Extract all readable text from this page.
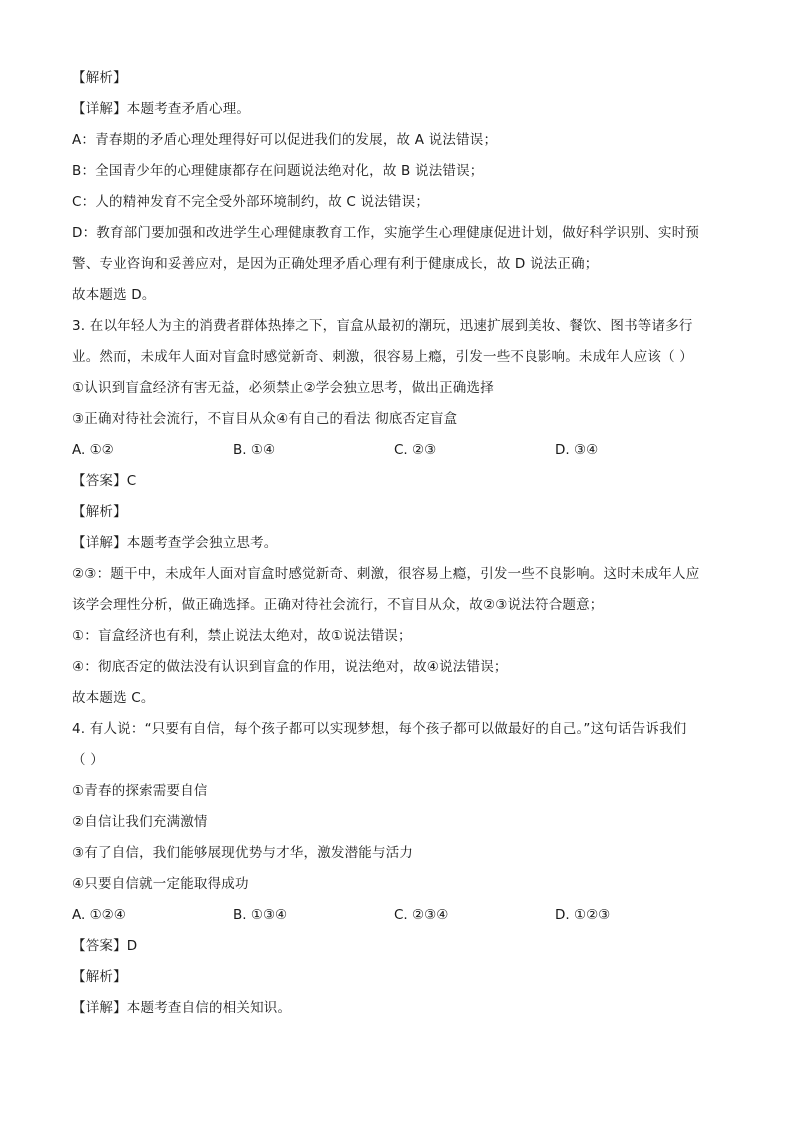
【解析】
【详解】本题考查矛盾心理。
A：青春期的矛盾心理处理得好可以促进我们的发展，故 A 说法错误；
B：全国青少年的心理健康都存在问题说法绝对化，故 B 说法错误；
C：人的精神发育不完全受外部环境制约，故 C 说法错误；
D：教育部门要加强和改进学生心理健康教育工作，实施学生心理健康促进计划，做好科学识别、实时预
警、专业咨询和妥善应对，是因为正确处理矛盾心理有利于健康成长，故 D 说法正确；
故本题选 D。
3. 在以年轻人为主的消费者群体热捧之下，盲盒从最初的潮玩，迅速扩展到美妆、餐饮、图书等诸多行
业。然而，未成年人面对盲盒时感觉新奇、刺激，很容易上瘾，引发一些不良影响。未成年人应该（ ）
①认识到盲盒经济有害无益，必须禁止②学会独立思考，做出正确选择
③正确对待社会流行，不盲目从众④有自己的看法 彻底否定盲盒
A. ①②	B. ①④	C. ②③	D. ③④
【答案】C
【解析】
【详解】本题考查学会独立思考。
②③：题干中，未成年人面对盲盒时感觉新奇、刺激，很容易上瘾，引发一些不良影响。这时未成年人应
该学会理性分析，做正确选择。正确对待社会流行，不盲目从众，故②③说法符合题意；
①：盲盒经济也有利，禁止说法太绝对，故①说法错误；
④：彻底否定的做法没有认识到盲盒的作用，说法绝对，故④说法错误；
故本题选 C。
4. 有人说：“只要有自信，每个孩子都可以实现梦想，每个孩子都可以做最好的自己。”这句话告诉我们
（ ）
①青春的探索需要自信
②自信让我们充满激情
③有了自信，我们能够展现优势与才华，激发潜能与活力
④只要自信就一定能取得成功
A. ①②④	B. ①③④	C. ②③④	D. ①②③
【答案】D
【解析】
【详解】本题考查自信的相关知识。
